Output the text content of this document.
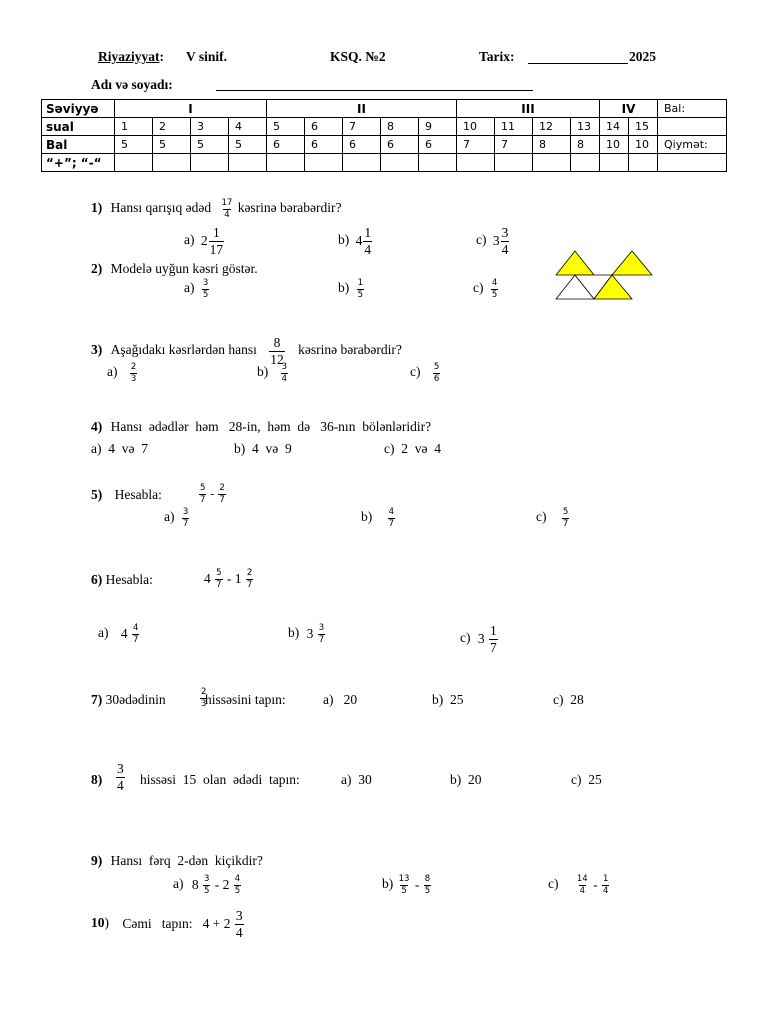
Riyaziyyat: V sinif.	KSQ. №2	Tarix:	2025
Adı və soyadı:
Səviyyə	I				II					III				IV		Bal:
sual	1	2	3	4	5	6	7	8	9	10	11	12	13	14	15	
Bal	5	5	5	5	6	6	6	6	6	7	7	8	8	10	10	Qiymət:
“+”; “-“																
1) Hansı qarışıq ədəd $\frac{17}{4}$ kəsrinə bərabərdir?
a) $2 \frac{1}{17}$	b) $4 \frac{1}{4}$	c) $3 \frac{3}{4}$
2) Modelə uyğun kəsri göstər.
$a) \frac{3}{5}$	$b) \frac{1}{5}$	$c) \frac{4}{5}$
3) Aşağıdakı kəsrlərdən hansı $\frac{8}{12}$ kəsrinə bərabərdir?
$a) \frac{2}{3}$	$b) \frac{3}{4}$	$c) \frac{5}{6}$
4) Hansı  ədədlər  həm   28-in,  həm  də   36-nın  bölənləridir?
a)  4  və  7	b)  4  və  9	c)  2  və  4
5) Hesabla:	$\frac{5}{7} - \frac{2}{7}$
$a) \frac{3}{7}$	$b) \frac{4}{7}$	$c) \frac{5}{7}$
6) Hesabla:	$4 \frac{5}{7} - 1 \frac{2}{7}$
a) $4 \frac{4}{7}$	b) $3 \frac{3}{7}$	c) $3 \frac{1}{7}$
7) 30ədədinin	$\frac{2}{3}$
hissəsini tapın:	a)   20	b)  25	c)  28
$8) \frac{3}{4}$ hissəsi  15  olan  ədədi  tapın:	a)  30	b)  20	c)  25
9) Hansı  fərq  2-dən  kiçikdir?
a) $8 \frac{3}{5} - 2 \frac{4}{5}$	$b) \frac{13}{5} - \frac{8}{5}$	$c) \frac{14}{4} - \frac{1}{4}$
10) Cəmi   tapın:   $4 + 2 \frac{3}{4}$
